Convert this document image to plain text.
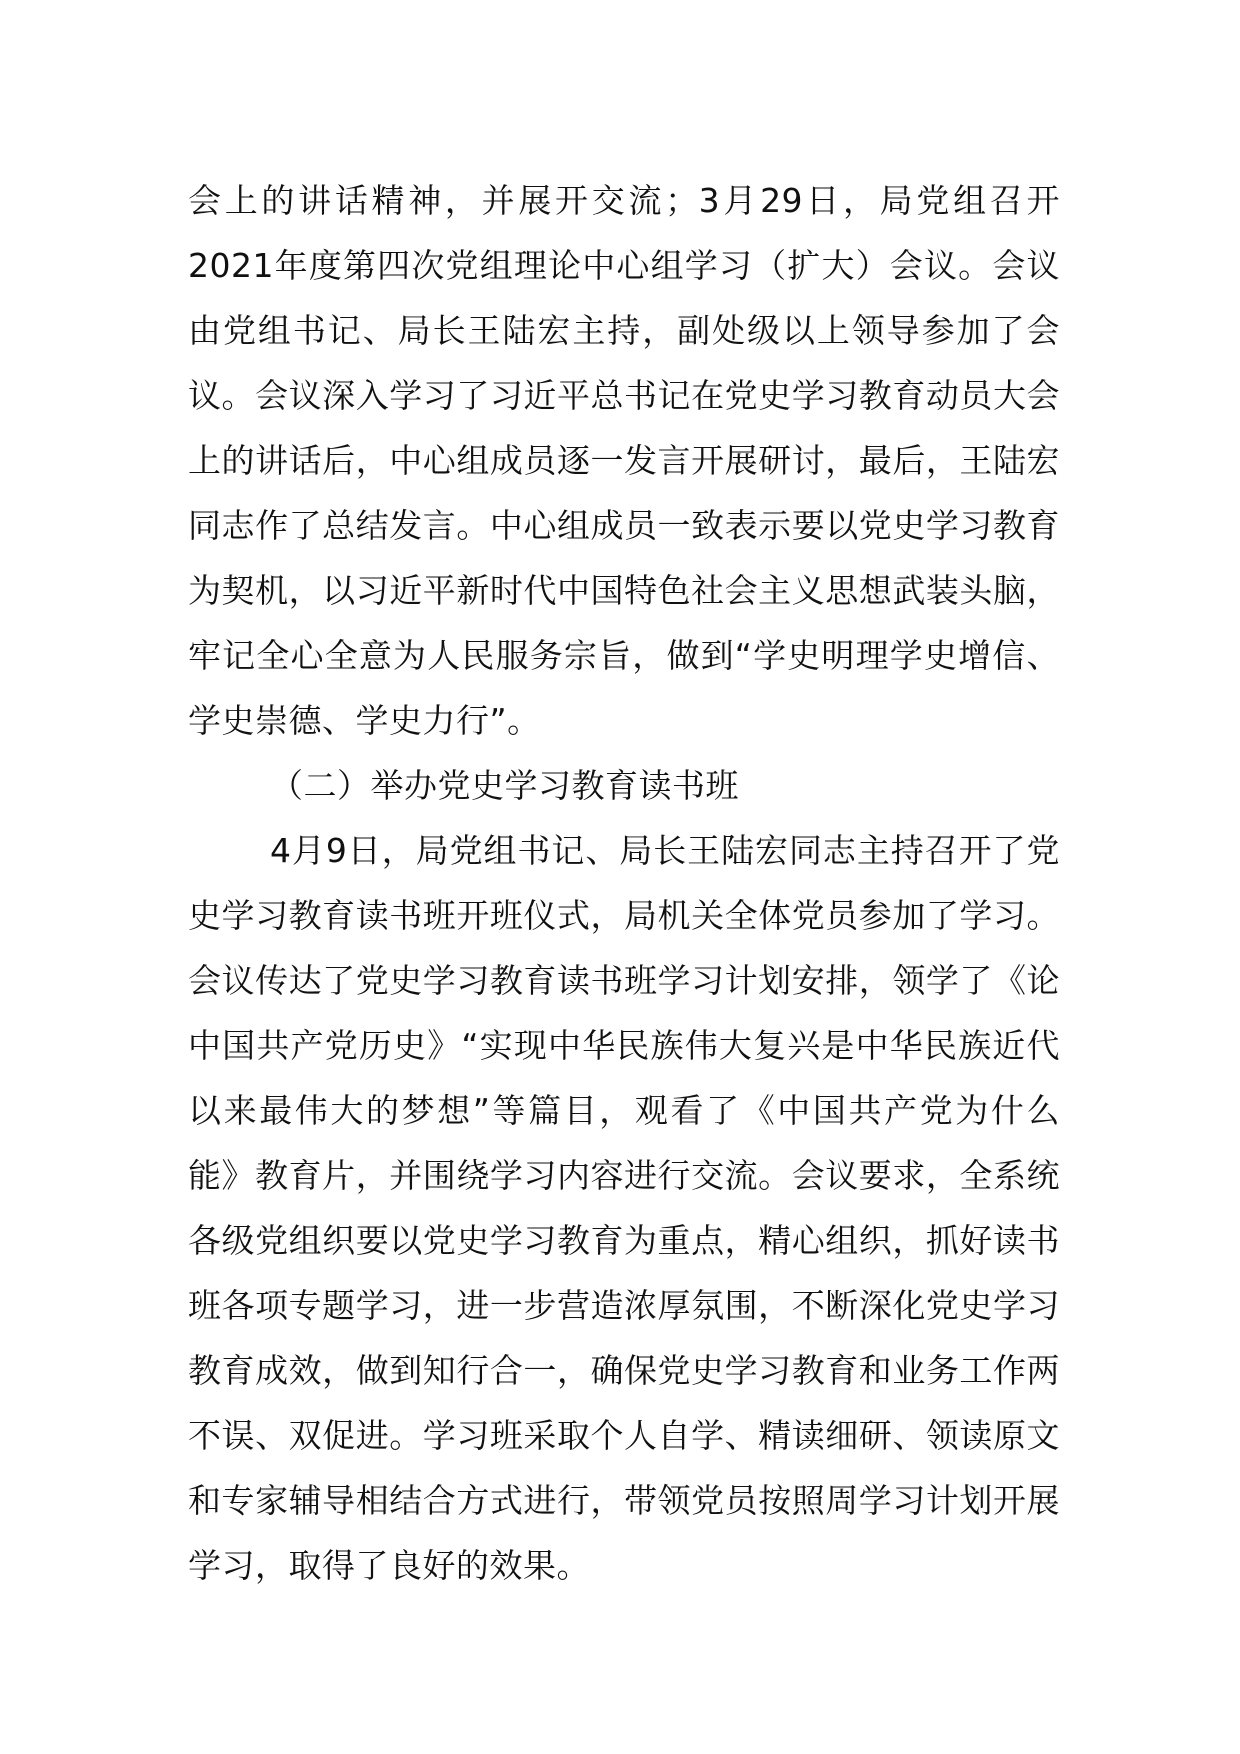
会上的讲话精神，并展开交流；3月29日，局党组召开2021年度第四次党组理论中心组学习（扩大）会议。会议由党组书记、局长王陆宏主持，副处级以上领导参加了会议。会议深入学习了习近平总书记在党史学习教育动员大会上的讲话后，中心组成员逐一发言开展研讨，最后，王陆宏同志作了总结发言。中心组成员一致表示要以党史学习教育为契机，以习近平新时代中国特色社会主义思想武装头脑，牢记全心全意为人民服务宗旨，做到“学史明理学史增信、学史崇德、学史力行”。

（二）举办党史学习教育读书班

4月9日，局党组书记、局长王陆宏同志主持召开了党史学习教育读书班开班仪式，局机关全体党员参加了学习。会议传达了党史学习教育读书班学习计划安排，领学了《论中国共产党历史》“实现中华民族伟大复兴是中华民族近代以来最伟大的梦想”等篇目，观看了《中国共产党为什么能》教育片，并围绕学习内容进行交流。会议要求，全系统各级党组织要以党史学习教育为重点，精心组织，抓好读书班各项专题学习，进一步营造浓厚氛围，不断深化党史学习教育成效，做到知行合一，确保党史学习教育和业务工作两不误、双促进。学习班采取个人自学、精读细研、领读原文和专家辅导相结合方式进行，带领党员按照周学习计划开展学习，取得了良好的效果。
